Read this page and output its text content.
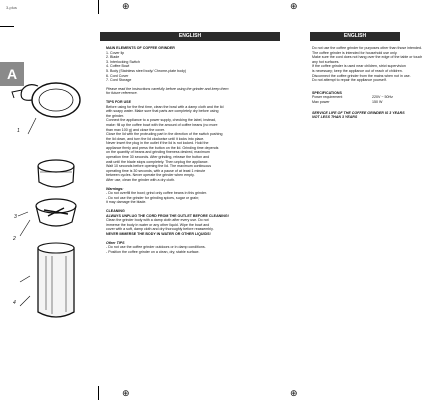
3-plus	⊕	⊕
⊕	⊕
ENGLISH	ENGLISH
A
1
2
3
4
MAIN ELEMENTS OF COFFEE GRINDER
1. Cover lip
2. Blade
3. Interlocking Switch
4. Coffee Bowl
5. Body (Stainless steel body/ Chrome-plate body)
6. Cord Cover
7. Cord Storage
Please read the instructions carefully before using the grinder and keep them
for future reference.
TIPS FOR USE
Before using for the first time, clean the bowl with a damp cloth and the lid
with soapy water. Make sure that parts are completely dry before using
the grinder.
Connect the appliance to a power supply, checking the label, instead,
make: fill up the coffee bowl with the amount of coffee beans (no more
than max 100 g) and close the cover.
Close the lid with the protruding part in the direction of the switch pushing
the lid down, and turn the lid clockwise until it locks into place.
Never insert the plug in the outlet if the lid is not locked. Hold the
appliance firmly and press the button on the lid. Grinding time depends
on the quantity of beans and grinding fineness desired, maximum
operation time 30 seconds. After grinding, release the button and
wait until the blade stops completely. Then unplug the appliance.
Wait 10 seconds before opening the lid. The maximum continuous
operating time is 30 seconds, with a pause of at least 1 minute
between cycles. Never operate the grinder when empty.
After use, clean the grinder with a dry cloth.
Warnings:
- Do not overfill the bowl; grind only coffee beans in this grinder.
- Do not use the grinder for grinding spices, sugar or grain;
it may damage the blade.
CLEANING
ALWAYS UNPLUG THE CORD FROM THE OUTLET BEFORE CLEANING!
Clean the grinder body with a damp cloth after every use. Do not
immerse the body in water or any other liquid. Wipe the bowl and
cover with a soft, damp cloth and dry thoroughly before reassembly.
NEVER IMMERSE THE BODY IN WATER OR OTHER LIQUIDS!
Other TIPS
- Do not use the coffee grinder outdoors or in damp conditions.
- Position the coffee grinder on a clean, dry, stable surface.
Do not use the coffee grinder for purposes other than those intended.
The coffee grinder is intended for household use only.
Make sure the cord does not hang over the edge of the table or touch
any hot surfaces.
If the coffee grinder is used near children, strict supervision
is necessary; keep the appliance out of reach of children.
Disconnect the coffee grinder from the mains when not in use.
Do not attempt to repair the appliance yourself.
SPECIFICATIONS
Power requirement	220V ~ 50Hz
Max power	150 W
SERVICE LIFE OF THE COFFEE GRINDER IS 3 YEARS
NOT LESS THAN 3 YEARS
